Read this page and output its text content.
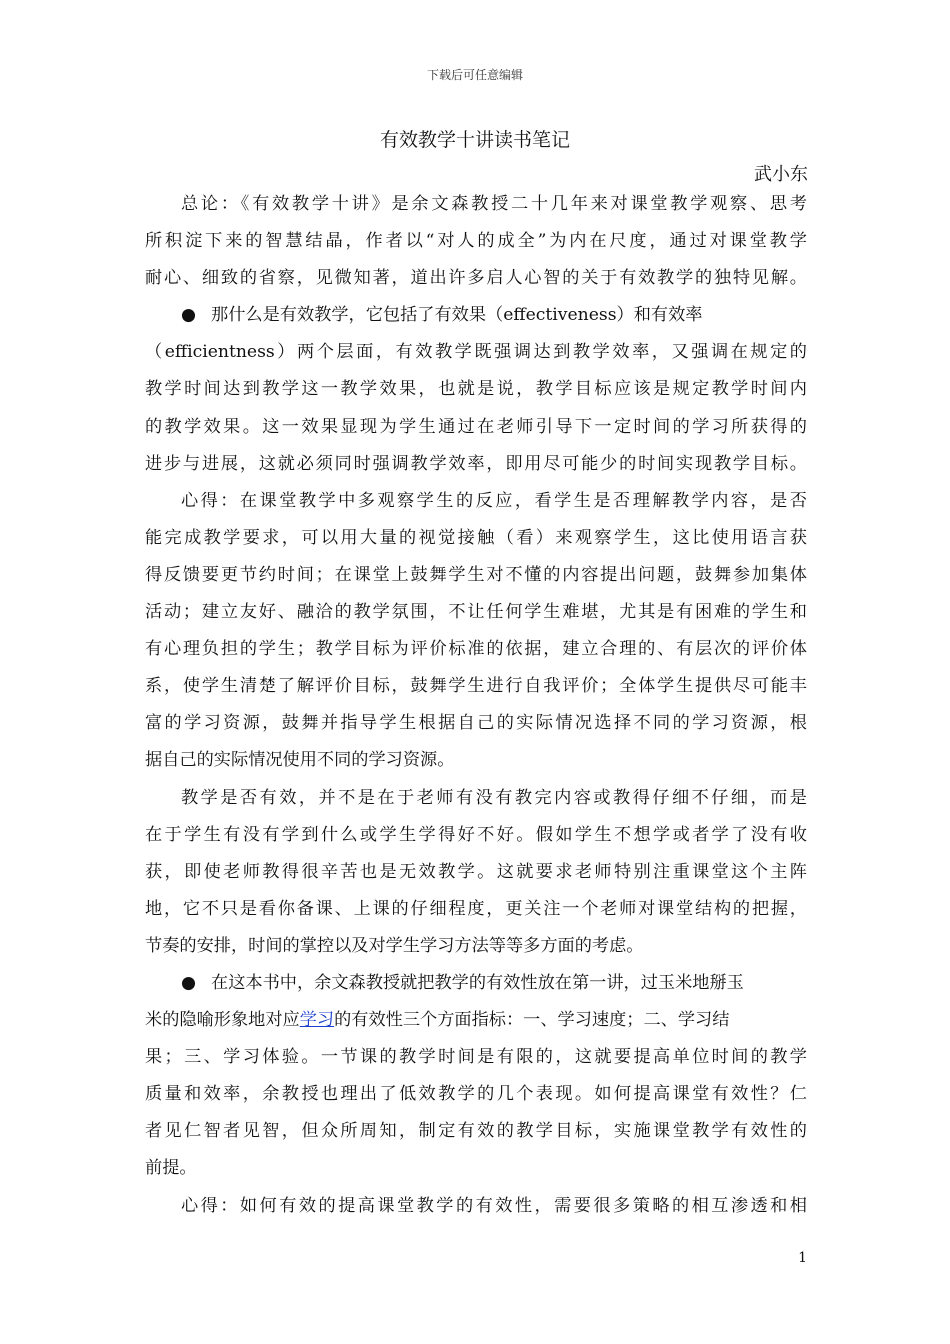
下载后可任意编辑
有效教学十讲读书笔记
武小东

总论：《有效教学十讲》是余文森教授二十几年来对课堂教学观察、思考
所积淀下来的智慧结晶，作者以“对人的成全”为内在尺度，通过对课堂教学
耐心、细致的省察，见微知著，道出许多启人心智的关于有效教学的独特见解。

● 那什么是有效教学，它包括了有效果（effectiveness）和有效率
（efficientness）两个层面，有效教学既强调达到教学效率，又强调在规定的
教学时间达到教学这一教学效果，也就是说，教学目标应该是规定教学时间内
的教学效果。这一效果显现为学生通过在老师引导下一定时间的学习所获得的
进步与进展，这就必须同时强调教学效率，即用尽可能少的时间实现教学目标。

心得：在课堂教学中多观察学生的反应，看学生是否理解教学内容，是否
能完成教学要求，可以用大量的视觉接触（看）来观察学生，这比使用语言获
得反馈要更节约时间；在课堂上鼓舞学生对不懂的内容提出问题，鼓舞参加集体
活动；建立友好、融洽的教学氛围，不让任何学生难堪，尤其是有困难的学生和
有心理负担的学生；教学目标为评价标准的依据，建立合理的、有层次的评价体
系，使学生清楚了解评价目标，鼓舞学生进行自我评价；全体学生提供尽可能丰
富的学习资源，鼓舞并指导学生根据自己的实际情况选择不同的学习资源，根
据自己的实际情况使用不同的学习资源。

教学是否有效，并不是在于老师有没有教完内容或教得仔细不仔细，而是
在于学生有没有学到什么或学生学得好不好。假如学生不想学或者学了没有收
获，即使老师教得很辛苦也是无效教学。这就要求老师特别注重课堂这个主阵
地，它不只是看你备课、上课的仔细程度，更关注一个老师对课堂结构的把握，
节奏的安排，时间的掌控以及对学生学习方法等等多方面的考虑。

● 在这本书中，余文森教授就把教学的有效性放在第一讲，过玉米地掰玉
米的隐喻形象地对应学习的有效性三个方面指标：一、学习速度；二、学习结
果；三、学习体验。一节课的教学时间是有限的，这就要提高单位时间的教学
质量和效率，余教授也理出了低效教学的几个表现。如何提高课堂有效性？仁
者见仁智者见智，但众所周知，制定有效的教学目标，实施课堂教学有效性的
前提。

心得：如何有效的提高课堂教学的有效性，需要很多策略的相互渗透和相

1
